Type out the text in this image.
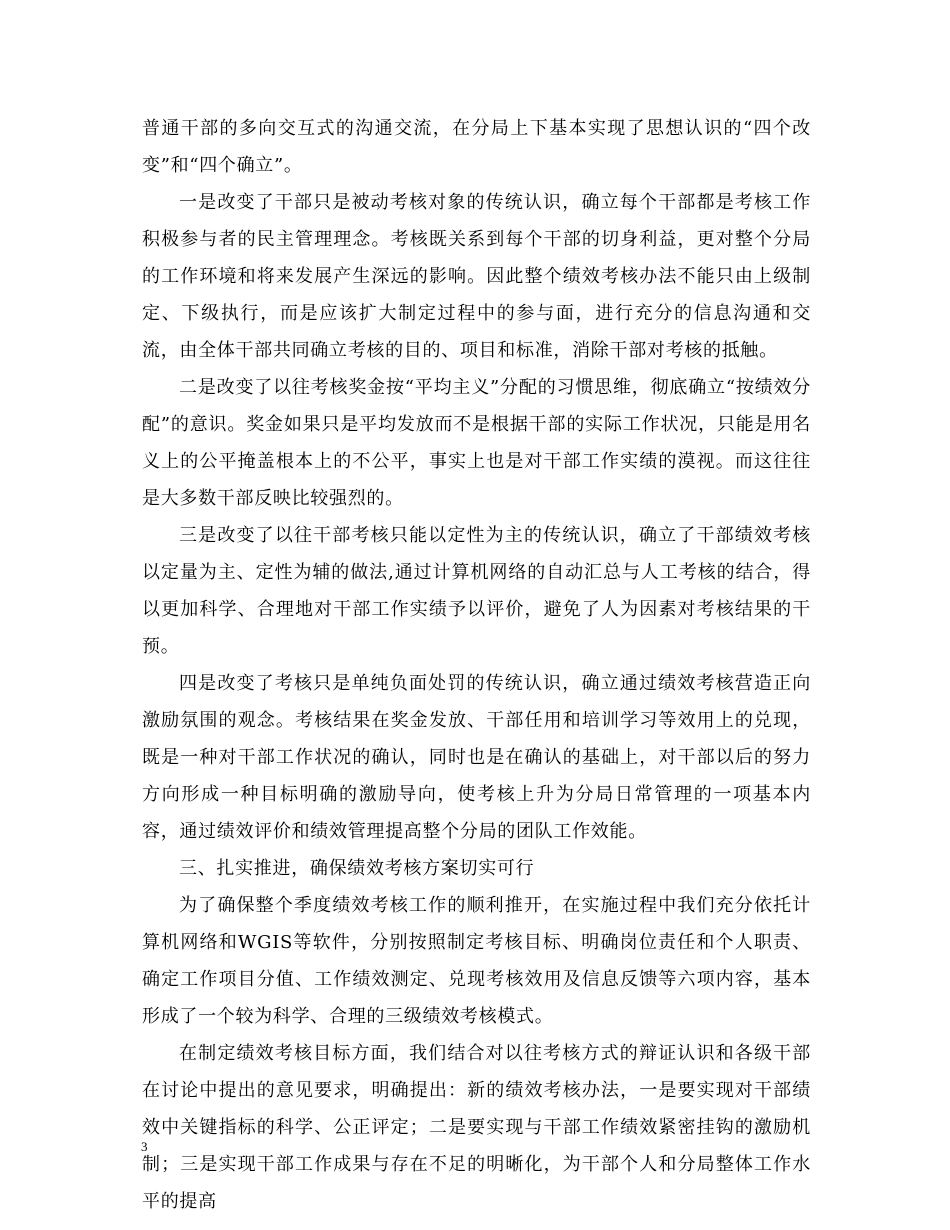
普通干部的多向交互式的沟通交流，在分局上下基本实现了思想认识的“四个改变”和“四个确立”。

一是改变了干部只是被动考核对象的传统认识，确立每个干部都是考核工作积极参与者的民主管理理念。考核既关系到每个干部的切身利益，更对整个分局的工作环境和将来发展产生深远的影响。因此整个绩效考核办法不能只由上级制定、下级执行，而是应该扩大制定过程中的参与面，进行充分的信息沟通和交流，由全体干部共同确立考核的目的、项目和标准，消除干部对考核的抵触。

二是改变了以往考核奖金按“平均主义”分配的习惯思维，彻底确立“按绩效分配”的意识。奖金如果只是平均发放而不是根据干部的实际工作状况，只能是用名义上的公平掩盖根本上的不公平，事实上也是对干部工作实绩的漠视。而这往往是大多数干部反映比较强烈的。

三是改变了以往干部考核只能以定性为主的传统认识，确立了干部绩效考核以定量为主、定性为辅的做法,通过计算机网络的自动汇总与人工考核的结合，得以更加科学、合理地对干部工作实绩予以评价，避免了人为因素对考核结果的干预。

四是改变了考核只是单纯负面处罚的传统认识，确立通过绩效考核营造正向激励氛围的观念。考核结果在奖金发放、干部任用和培训学习等效用上的兑现，既是一种对干部工作状况的确认，同时也是在确认的基础上，对干部以后的努力方向形成一种目标明确的激励导向，使考核上升为分局日常管理的一项基本内容，通过绩效评价和绩效管理提高整个分局的团队工作效能。

三、扎实推进，确保绩效考核方案切实可行

为了确保整个季度绩效考核工作的顺利推开，在实施过程中我们充分依托计算机网络和WGIS等软件，分别按照制定考核目标、明确岗位责任和个人职责、确定工作项目分值、工作绩效测定、兑现考核效用及信息反馈等六项内容，基本形成了一个较为科学、合理的三级绩效考核模式。

在制定绩效考核目标方面，我们结合对以往考核方式的辩证认识和各级干部在讨论中提出的意见要求，明确提出：新的绩效考核办法，一是要实现对干部绩效中关键指标的科学、公正评定；二是要实现与干部工作绩效紧密挂钩的激励机制；三是实现干部工作成果与存在不足的明晰化，为干部个人和分局整体工作水平的提高

3
